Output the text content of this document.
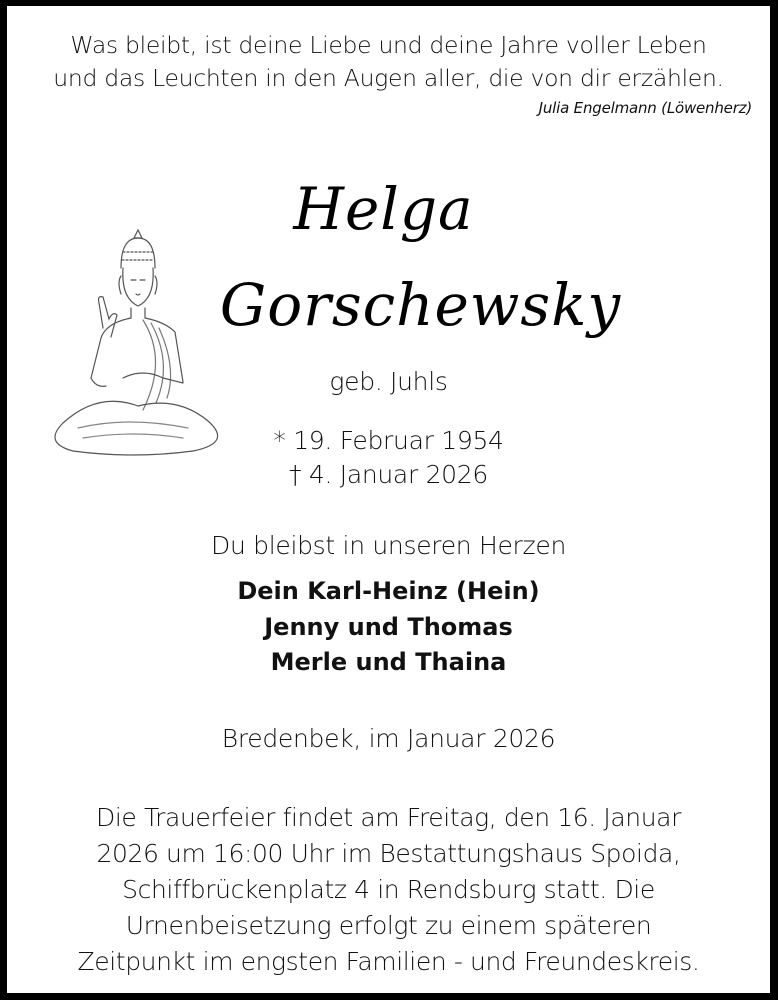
Was bleibt, ist deine Liebe und deine Jahre voller Leben
und das Leuchten in den Augen aller, die von dir erzählen.
Julia Engelmann (Löwenherz)
Helga
Gorschewsky
geb. Juhls
* 19. Februar 1954
† 4. Januar 2026
Du bleibst in unseren Herzen
Dein Karl-Heinz (Hein)
Jenny und Thomas
Merle und Thaina
Bredenbek, im Januar 2026
Die Trauerfeier findet am Freitag, den 16. Januar
2026 um 16:00 Uhr im Bestattungshaus Spoida,
Schiffbrückenplatz 4 in Rendsburg statt. Die
Urnenbeisetzung erfolgt zu einem späteren
Zeitpunkt im engsten Familien - und Freundeskreis.
